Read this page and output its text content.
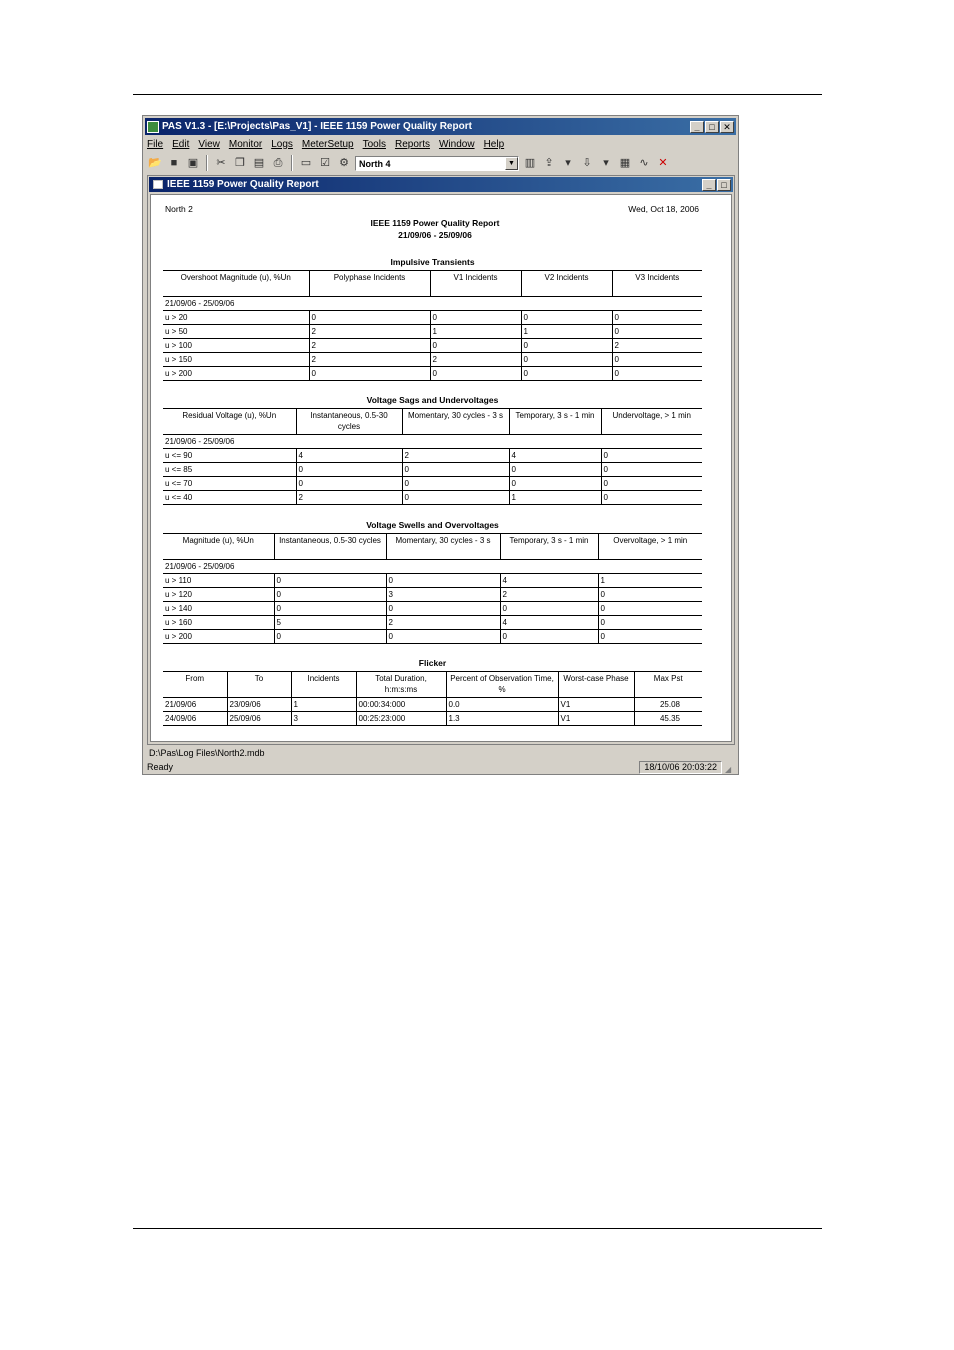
PAS V1.3 - [E:\Projects\Pas_V1] - IEEE 1159 Power Quality Report	_	□ ✕
File Edit View Monitor Logs MeterSetup Tools Reports Window Help
📂 ■ ▣	✂ ❐ ▤ ⎙	▭ ☑ ⚙	North 4	▼ ▥ ⇪	▾	⇩	▾	▦ ∿ ✕
IEEE 1159 Power Quality Report	_	□
North 2	Wed, Oct 18, 2006
IEEE 1159 Power Quality Report
21/09/06 - 25/09/06
Impulsive Transients
Overshoot Magnitude (u), %Un	Polyphase Incidents	V1 Incidents	V2 Incidents	V3 Incidents
21/09/06 - 25/09/06				
u > 20	0	0	0	0
u > 50	2	1	1	0
u > 100	2	0	0	2
u > 150	2	2	0	0
u > 200	0	0	0	0
Voltage Sags and Undervoltages
Residual Voltage (u), %Un	Instantaneous, 0.5-30 cycles	Momentary, 30 cycles - 3 s	Temporary, 3 s - 1 min	Undervoltage, > 1 min
21/09/06 - 25/09/06				
u <= 90	4	2	4	0
u <= 85	0	0	0	0
u <= 70	0	0	0	0
u <= 40	2	0	1	0
Voltage Swells and Overvoltages
Magnitude (u), %Un	Instantaneous, 0.5-30 cycles	Momentary, 30 cycles - 3 s	Temporary, 3 s - 1 min	Overvoltage, > 1 min
21/09/06 - 25/09/06				
u > 110	0	0	4	1
u > 120	0	3	2	0
u > 140	0	0	0	0
u > 160	5	2	4	0
u > 200	0	0	0	0
Flicker
From	To	Incidents	Total Duration, h:m:s:ms	Percent of Observation Time, %	Worst-case Phase	Max Pst
21/09/06	23/09/06	1	00:00:34:000	0.0	V1	25.08
24/09/06	25/09/06	3	00:25:23:000	1.3	V1	45.35
D:\Pas\Log Files\North2.mdb
Ready	18/10/06 20:03:22	◢
